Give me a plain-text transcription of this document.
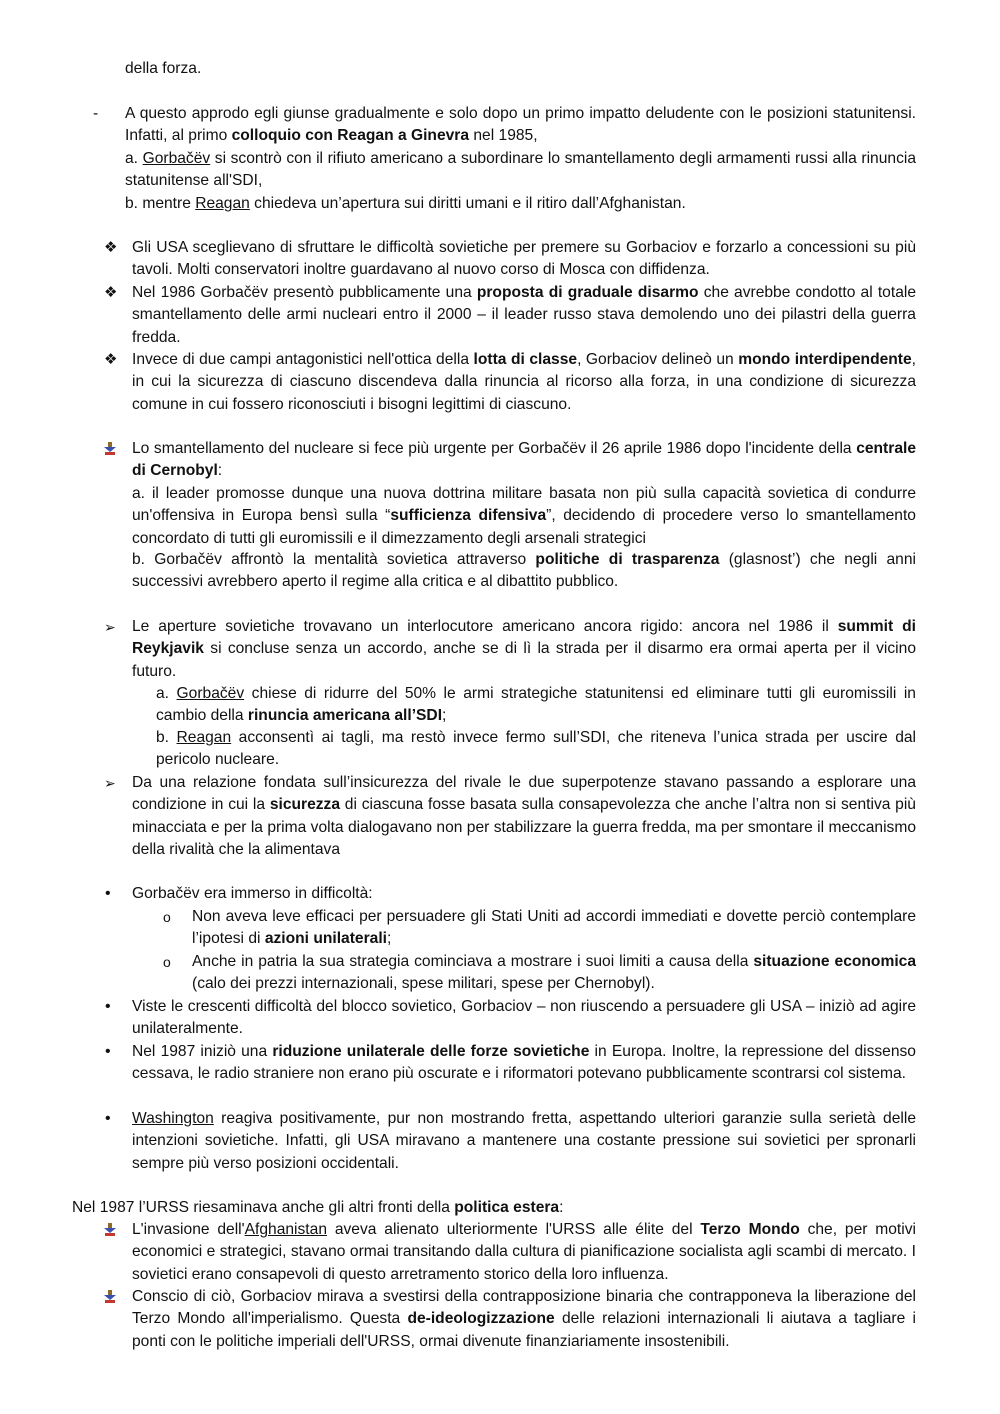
della forza.
-	A questo approdo egli giunse gradualmente e solo dopo un primo impatto deludente con le posizioni statunitensi. Infatti, al primo colloquio con Reagan a Ginevra nel 1985,
a. Gorbačëv si scontrò con il rifiuto americano a subordinare lo smantellamento degli armamenti russi alla rinuncia statunitense all'SDI,
b. mentre Reagan chiedeva un’apertura sui diritti umani e il ritiro dall’Afghanistan.
❖ Gli USA sceglievano di sfruttare le difficoltà sovietiche per premere su Gorbaciov e forzarlo a concessioni su più tavoli. Molti conservatori inoltre guardavano al nuovo corso di Mosca con diffidenza.
❖ Nel 1986 Gorbačëv presentò pubblicamente una proposta di graduale disarmo che avrebbe condotto al totale smantellamento delle armi nucleari entro il 2000 – il leader russo stava demolendo uno dei pilastri della guerra fredda.
❖ Invece di due campi antagonistici nell'ottica della lotta di classe, Gorbaciov delineò un mondo interdipendente, in cui la sicurezza di ciascuno discendeva dalla rinuncia al ricorso alla forza, in una condizione di sicurezza comune in cui fossero riconosciuti i bisogni legittimi di ciascuno.
Lo smantellamento del nucleare si fece più urgente per Gorbačëv il 26 aprile 1986 dopo l'incidente della centrale di Cernobyl:
a. il leader promosse dunque una nuova dottrina militare basata non più sulla capacità sovietica di condurre un'offensiva in Europa bensì sulla “sufficienza difensiva”, decidendo di procedere verso lo smantellamento concordato di tutti gli euromissili e il dimezzamento degli arsenali strategici
b. Gorbačëv affrontò la mentalità sovietica attraverso politiche di trasparenza (glasnost’) che negli anni successivi avrebbero aperto il regime alla critica e al dibattito pubblico.
➢ Le aperture sovietiche trovavano un interlocutore americano ancora rigido: ancora nel 1986 il summit di Reykjavik si concluse senza un accordo, anche se di lì la strada per il disarmo era ormai aperta per il vicino futuro.
a. Gorbačëv chiese di ridurre del 50% le armi strategiche statunitensi ed eliminare tutti gli euromissili in cambio della rinuncia americana all’SDI;
b. Reagan acconsentì ai tagli, ma restò invece fermo sull’SDI, che riteneva l’unica strada per uscire dal pericolo nucleare.
➢ Da una relazione fondata sull’insicurezza del rivale le due superpotenze stavano passando a esplorare una condizione in cui la sicurezza di ciascuna fosse basata sulla consapevolezza che anche l’altra non si sentiva più minacciata e per la prima volta dialogavano non per stabilizzare la guerra fredda, ma per smontare il meccanismo della rivalità che la alimentava
•	Gorbačëv era immerso in difficoltà:
o	Non aveva leve efficaci per persuadere gli Stati Uniti ad accordi immediati e dovette perciò contemplare l’ipotesi di azioni unilaterali;
o	Anche in patria la sua strategia cominciava a mostrare i suoi limiti a causa della situazione economica (calo dei prezzi internazionali, spese militari, spese per Chernobyl).
•	Viste le crescenti difficoltà del blocco sovietico, Gorbaciov – non riuscendo a persuadere gli USA – iniziò ad agire unilateralmente.
•	Nel 1987 iniziò una riduzione unilaterale delle forze sovietiche in Europa. Inoltre, la repressione del dissenso cessava, le radio straniere non erano più oscurate e i riformatori potevano pubblicamente scontrarsi col sistema.
•	Washington reagiva positivamente, pur non mostrando fretta, aspettando ulteriori garanzie sulla serietà delle intenzioni sovietiche. Infatti, gli USA miravano a mantenere una costante pressione sui sovietici per spronarli sempre più verso posizioni occidentali.
Nel 1987 l’URSS riesaminava anche gli altri fronti della politica estera:
L'invasione dell'Afghanistan aveva alienato ulteriormente l'URSS alle élite del Terzo Mondo che, per motivi economici e strategici, stavano ormai transitando dalla cultura di pianificazione socialista agli scambi di mercato. I sovietici erano consapevoli di questo arretramento storico della loro influenza.
Conscio di ciò, Gorbaciov mirava a svestirsi della contrapposizione binaria che contrapponeva la liberazione del Terzo Mondo all'imperialismo. Questa de-ideologizzazione delle relazioni internazionali li aiutava a tagliare i ponti con le politiche imperiali dell'URSS, ormai divenute finanziariamente insostenibili.
